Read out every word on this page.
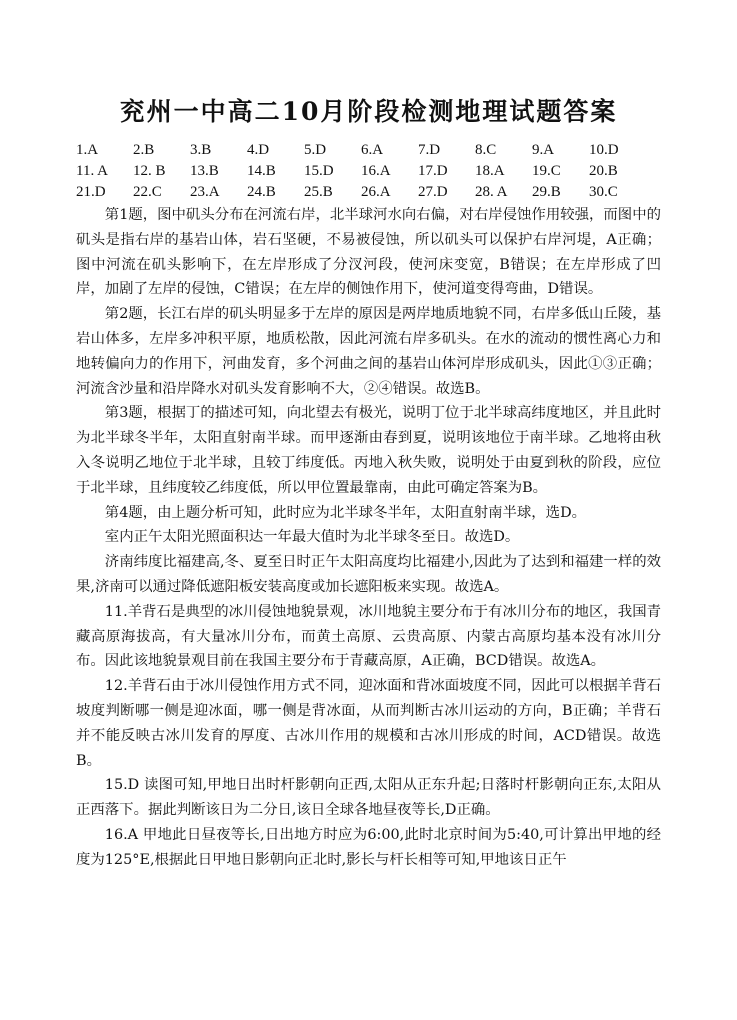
兖州一中高二10月阶段检测地理试题答案
1.A	2.B	3.B	4.D	5.D	6.A	7.D	8.C	9.A	10.D
11. A	12. B	13.B	14.B	15.D	16.A	17.D	18.A	19.C	20.B
21.D	22.C	23.A	24.B	25.B	26.A	27.D	28. A	29.B	30.C

第1题，图中矶头分布在河流右岸，北半球河水向右偏，对右岸侵蚀作用较强，而图中的矶头是指右岸的基岩山体，岩石坚硬，不易被侵蚀，所以矶头可以保护右岸河堤，A正确；图中河流在矶头影响下，在左岸形成了分汊河段，使河床变宽，B错误；在左岸形成了凹岸，加剧了左岸的侵蚀，C错误；在左岸的侧蚀作用下，使河道变得弯曲，D错误。

第2题，长江右岸的矶头明显多于左岸的原因是两岸地质地貌不同，右岸多低山丘陵，基岩山体多，左岸多冲积平原，地质松散，因此河流右岸多矶头。在水的流动的惯性离心力和地转偏向力的作用下，河曲发育，多个河曲之间的基岩山体河岸形成矶头，因此①③正确；河流含沙量和沿岸降水对矶头发育影响不大，②④错误。故选B。

第3题，根据丁的描述可知，向北望去有极光，说明丁位于北半球高纬度地区，并且此时为北半球冬半年，太阳直射南半球。而甲逐渐由春到夏，说明该地位于南半球。乙地将由秋入冬说明乙地位于北半球，且较丁纬度低。丙地入秋失败，说明处于由夏到秋的阶段，应位于北半球，且纬度较乙纬度低，所以甲位置最靠南，由此可确定答案为B。

第4题，由上题分析可知，此时应为北半球冬半年，太阳直射南半球，选D。

室内正午太阳光照面积达一年最大值时为北半球冬至日。故选D。

济南纬度比福建高,冬、夏至日时正午太阳高度均比福建小,因此为了达到和福建一样的效果,济南可以通过降低遮阳板安装高度或加长遮阳板来实现。故选A。

11.羊背石是典型的冰川侵蚀地貌景观，冰川地貌主要分布于有冰川分布的地区，我国青藏高原海拔高，有大量冰川分布，而黄土高原、云贵高原、内蒙古高原均基本没有冰川分布。因此该地貌景观目前在我国主要分布于青藏高原，A正确，BCD错误。故选A。

12.羊背石由于冰川侵蚀作用方式不同，迎冰面和背冰面坡度不同，因此可以根据羊背石坡度判断哪一侧是迎冰面，哪一侧是背冰面，从而判断古冰川运动的方向，B正确；羊背石并不能反映古冰川发育的厚度、古冰川作用的规模和古冰川形成的时间，ACD错误。故选B。

15.D 读图可知,甲地日出时杆影朝向正西,太阳从正东升起;日落时杆影朝向正东,太阳从正西落下。据此判断该日为二分日,该日全球各地昼夜等长,D正确。

16.A 甲地此日昼夜等长,日出地方时应为6:00,此时北京时间为5:40,可计算出甲地的经度为125°E,根据此日甲地日影朝向正北时,影长与杆长相等可知,甲地该日正午
